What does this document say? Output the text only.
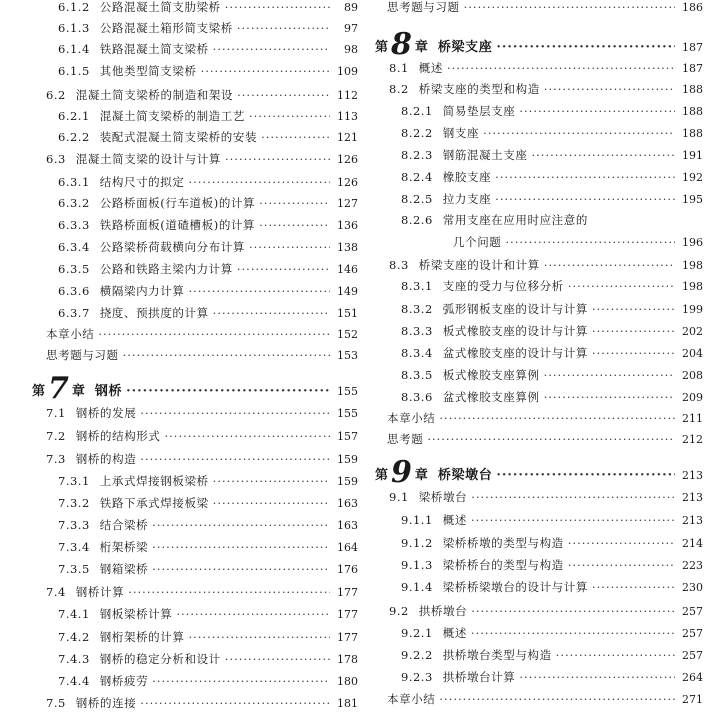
6.1.2 公路混凝土简支肋梁桥 ·····	89
6.1.3 公路混凝土箱形简支梁桥 ·····	97
6.1.4 铁路混凝土简支梁桥 ·····	98
6.1.5 其他类型简支梁桥 ·····	109
6.2 混凝土简支梁桥的制造和架设 ·····	112
6.2.1 混凝土简支梁桥的制造工艺 ·····	113
6.2.2 装配式混凝土简支梁桥的安装 ·····	121
6.3 混凝土简支梁的设计与计算 ·····	126
6.3.1 结构尺寸的拟定 ·····	126
6.3.2 公路桥面板(行车道板)的计算 ·····	127
6.3.3 铁路桥面板(道碴槽板)的计算 ·····	136
6.3.4 公路梁桥荷载横向分布计算 ·····	138
6.3.5 公路和铁路主梁内力计算 ·····	146
6.3.6 横隔梁内力计算 ·····	149
6.3.7 挠度、预拱度的计算 ·····	151
本章小结 ·····	152
思考题与习题 ·····	153
第 7 章 钢桥 ·····	155
7.1 钢桥的发展 ·····	155
7.2 钢桥的结构形式 ·····	157
7.3 钢桥的构造 ·····	159
7.3.1 上承式焊接钢板梁桥 ·····	159
7.3.2 铁路下承式焊接板梁 ·····	163
7.3.3 结合梁桥 ·····	163
7.3.4 桁架桥梁 ·····	164
7.3.5 钢箱梁桥 ·····	176
7.4 钢桥计算 ·····	177
7.4.1 钢板梁桥计算 ·····	177
7.4.2 钢桁架桥的计算 ·····	177
7.4.3 钢桥的稳定分析和设计 ·····	178
7.4.4 钢桥疲劳 ·····	180
7.5 钢桥的连接 ·····	181
思考题与习题 ·····	186
第 8 章 桥梁支座 ·····	187
8.1 概述 ·····	187
8.2 桥梁支座的类型和构造 ·····	188
8.2.1 简易垫层支座 ·····	188
8.2.2 钢支座 ·····	188
8.2.3 钢筋混凝土支座 ·····	191
8.2.4 橡胶支座 ·····	192
8.2.5 拉力支座 ·····	195
8.2.6 常用支座在应用时应注意的
几个问题 ·····	196
8.3 桥梁支座的设计和计算 ·····	198
8.3.1 支座的受力与位移分析 ·····	198
8.3.2 弧形钢板支座的设计与计算 ·····	199
8.3.3 板式橡胶支座的设计与计算 ·····	202
8.3.4 盆式橡胶支座的设计与计算 ·····	204
8.3.5 板式橡胶支座算例 ·····	208
8.3.6 盆式橡胶支座算例 ·····	209
本章小结 ·····	211
思考题 ·····	212
第 9 章 桥梁墩台 ·····	213
9.1 梁桥墩台 ·····	213
9.1.1 概述 ·····	213
9.1.2 梁桥桥墩的类型与构造 ·····	214
9.1.3 梁桥桥台的类型与构造 ·····	223
9.1.4 梁桥桥梁墩台的设计与计算 ·····	230
9.2 拱桥墩台 ·····	257
9.2.1 概述 ·····	257
9.2.2 拱桥墩台类型与构造 ·····	257
9.2.3 拱桥墩台计算 ·····	264
本章小结 ·····	271
